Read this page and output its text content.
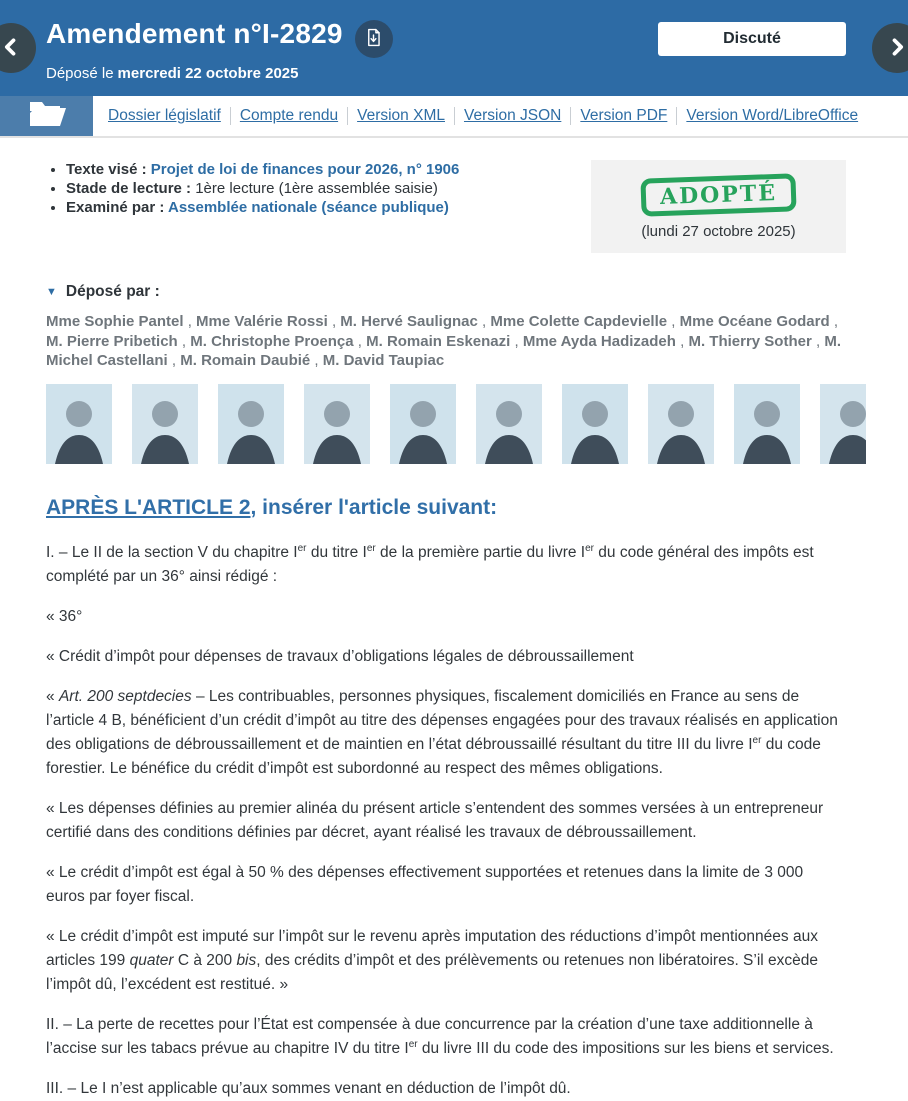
Amendement n°I-2829
Déposé le mercredi 22 octobre 2025
Discuté
Dossier législatif	Compte rendu	Version XML	Version JSON	Version PDF	Version Word/LibreOffice
• Texte visé : Projet de loi de finances pour 2026, n° 1906
• Stade de lecture : 1ère lecture (1ère assemblée saisie)
• Examiné par : Assemblée nationale (séance publique)	ADOPTÉ
(lundi 27 octobre 2025)
▼ Déposé par :
Mme Sophie Pantel , Mme Valérie Rossi , M. Hervé Saulignac , Mme Colette Capdevielle , Mme Océane Godard , M. Pierre Pribetich , M. Christophe Proença , M. Romain Eskenazi , Mme Ayda Hadizadeh , M. Thierry Sother , M. Michel Castellani , M. Romain Daubié , M. David Taupiac
APRÈS L'ARTICLE 2, insérer l'article suivant:

I. – Le II de la section V du chapitre Ier du titre Ier de la première partie du livre Ier du code général des impôts est complété par un 36° ainsi rédigé :

« 36°

« Crédit d’impôt pour dépenses de travaux d’obligations légales de débroussaillement

« Art. 200 septdecies – Les contribuables, personnes physiques, fiscalement domiciliés en France au sens de l’article 4 B, bénéficient d’un crédit d’impôt au titre des dépenses engagées pour des travaux réalisés en application des obligations de débroussaillement et de maintien en l’état débroussaillé résultant du titre III du livre Ier du code forestier. Le bénéfice du crédit d’impôt est subordonné au respect des mêmes obligations.

« Les dépenses définies au premier alinéa du présent article s’entendent des sommes versées à un entrepreneur certifié dans des conditions définies par décret, ayant réalisé les travaux de débroussaillement.

« Le crédit d’impôt est égal à 50 % des dépenses effectivement supportées et retenues dans la limite de 3 000 euros par foyer fiscal.

« Le crédit d’impôt est imputé sur l’impôt sur le revenu après imputation des réductions d’impôt mentionnées aux articles 199 quater C à 200 bis, des crédits d’impôt et des prélèvements ou retenues non libératoires. S’il excède l’impôt dû, l’excédent est restitué. »

II. – La perte de recettes pour l’État est compensée à due concurrence par la création d’une taxe additionnelle à l’accise sur les tabacs prévue au chapitre IV du titre Ier du livre III du code des impositions sur les biens et services.

III. – Le I n’est applicable qu’aux sommes venant en déduction de l’impôt dû.
